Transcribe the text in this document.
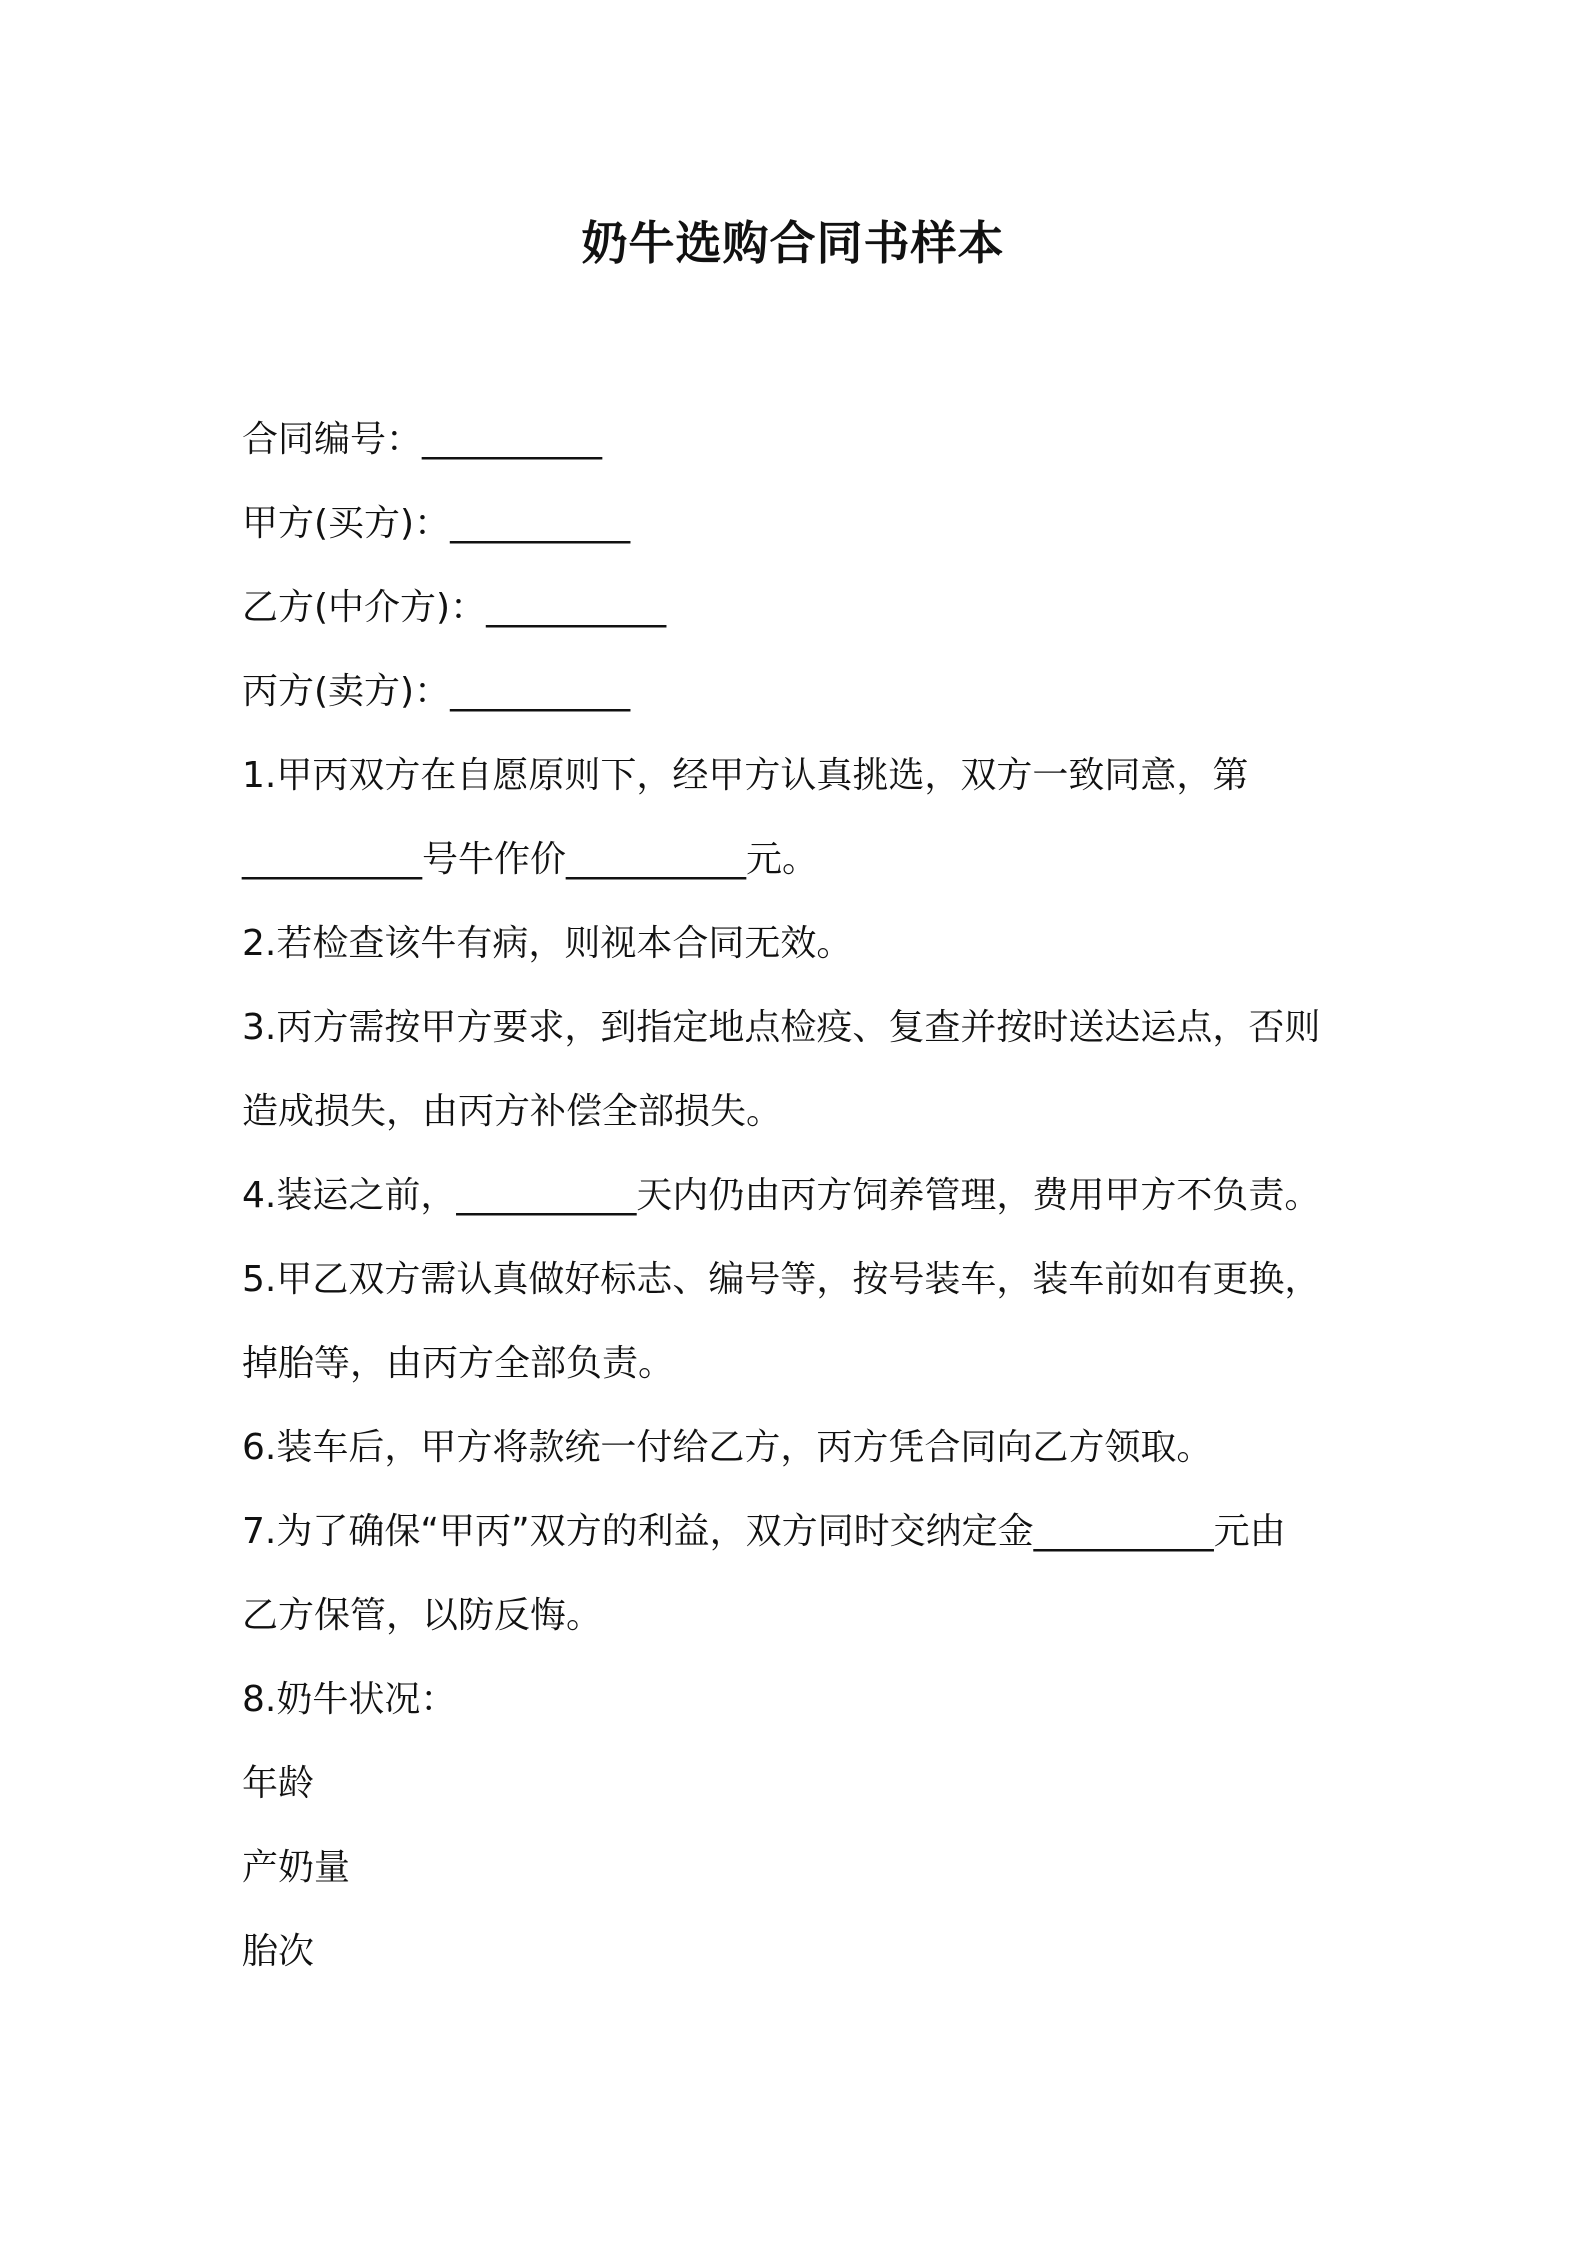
奶牛选购合同书样本

合同编号：__________

甲方(买方)：__________

乙方(中介方)：__________

丙方(卖方)：__________

1.甲丙双方在自愿原则下，经甲方认真挑选，双方一致同意，第

__________号牛作价__________元。

2.若检查该牛有病，则视本合同无效。

3.丙方需按甲方要求，到指定地点检疫、复查并按时送达运点，否则

造成损失，由丙方补偿全部损失。

4.装运之前，__________天内仍由丙方饲养管理，费用甲方不负责。

5.甲乙双方需认真做好标志、编号等，按号装车，装车前如有更换，

掉胎等，由丙方全部负责。

6.装车后，甲方将款统一付给乙方，丙方凭合同向乙方领取。

7.为了确保“甲丙”双方的利益，双方同时交纳定金__________元由

乙方保管，以防反悔。

8.奶牛状况：

年龄

产奶量

胎次
